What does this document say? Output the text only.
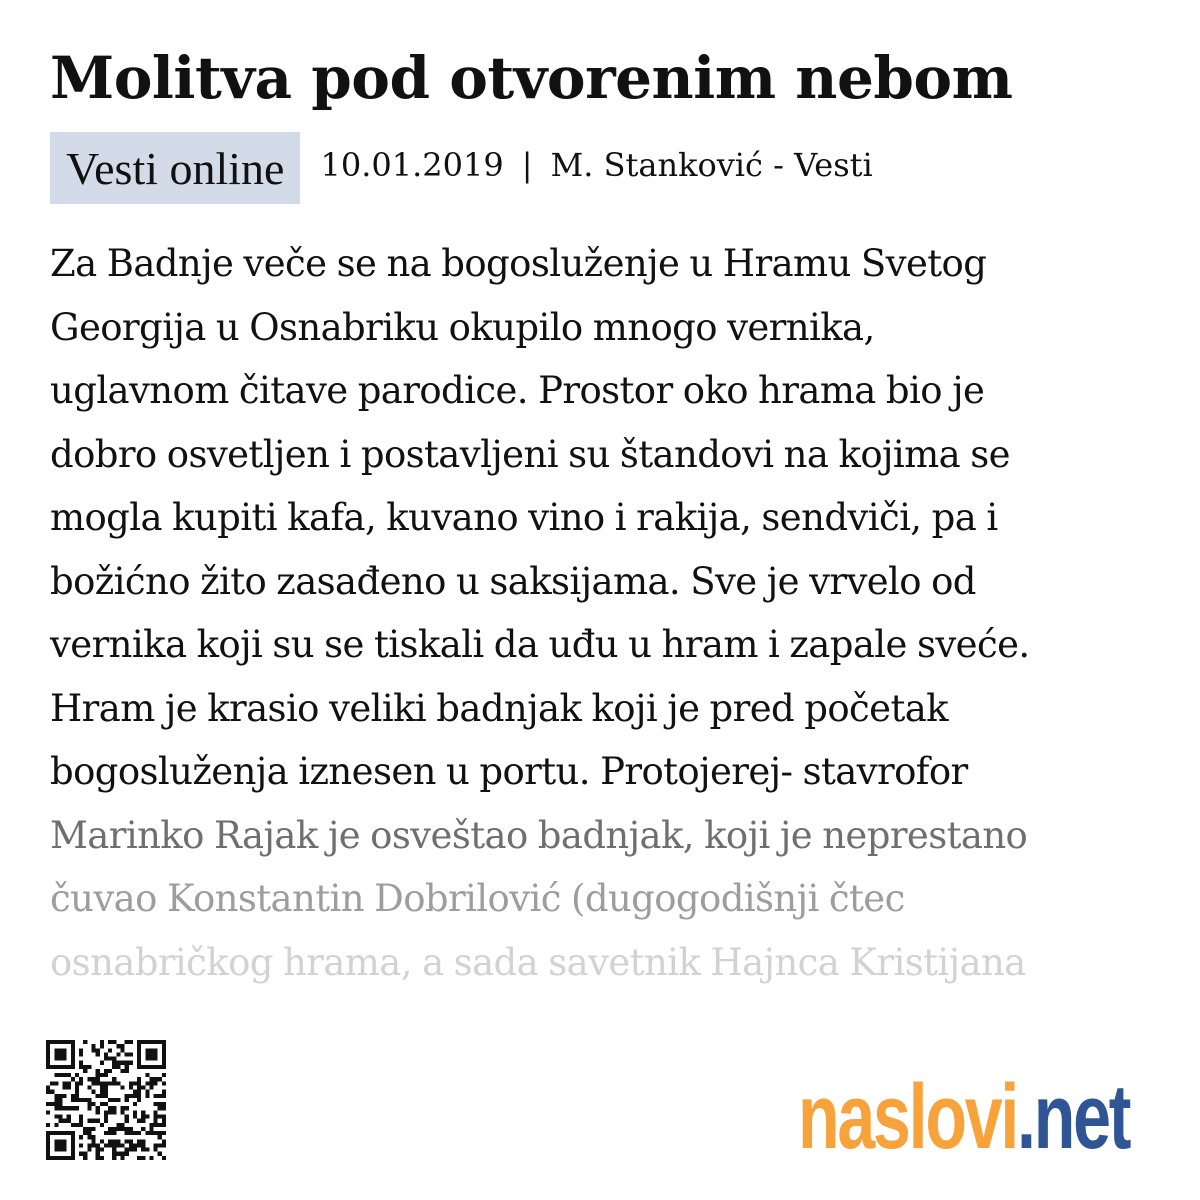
Molitva pod otvorenim nebom
Vesti online	10.01.2019 | M. Stanković - Vesti
Za Badnje veče se na bogosluženje u Hramu Svetog
Georgija u Osnabriku okupilo mnogo vernika,
uglavnom čitave parodice. Prostor oko hrama bio je
dobro osvetljen i postavljeni su štandovi na kojima se
mogla kupiti kafa, kuvano vino i rakija, sendviči, pa i
božićno žito zasađeno u saksijama. Sve je vrvelo od
vernika koji su se tiskali da uđu u hram i zapale sveće.
Hram je krasio veliki badnjak koji je pred početak
bogosluženja iznesen u portu. Protojerej- stavrofor
Marinko Rajak je osveštao badnjak, koji je neprestano
čuvao Konstantin Dobrilović (dugogodišnji čtec
osnabričkog hrama, a sada savetnik Hajnca Kristijana
naslovi.net
